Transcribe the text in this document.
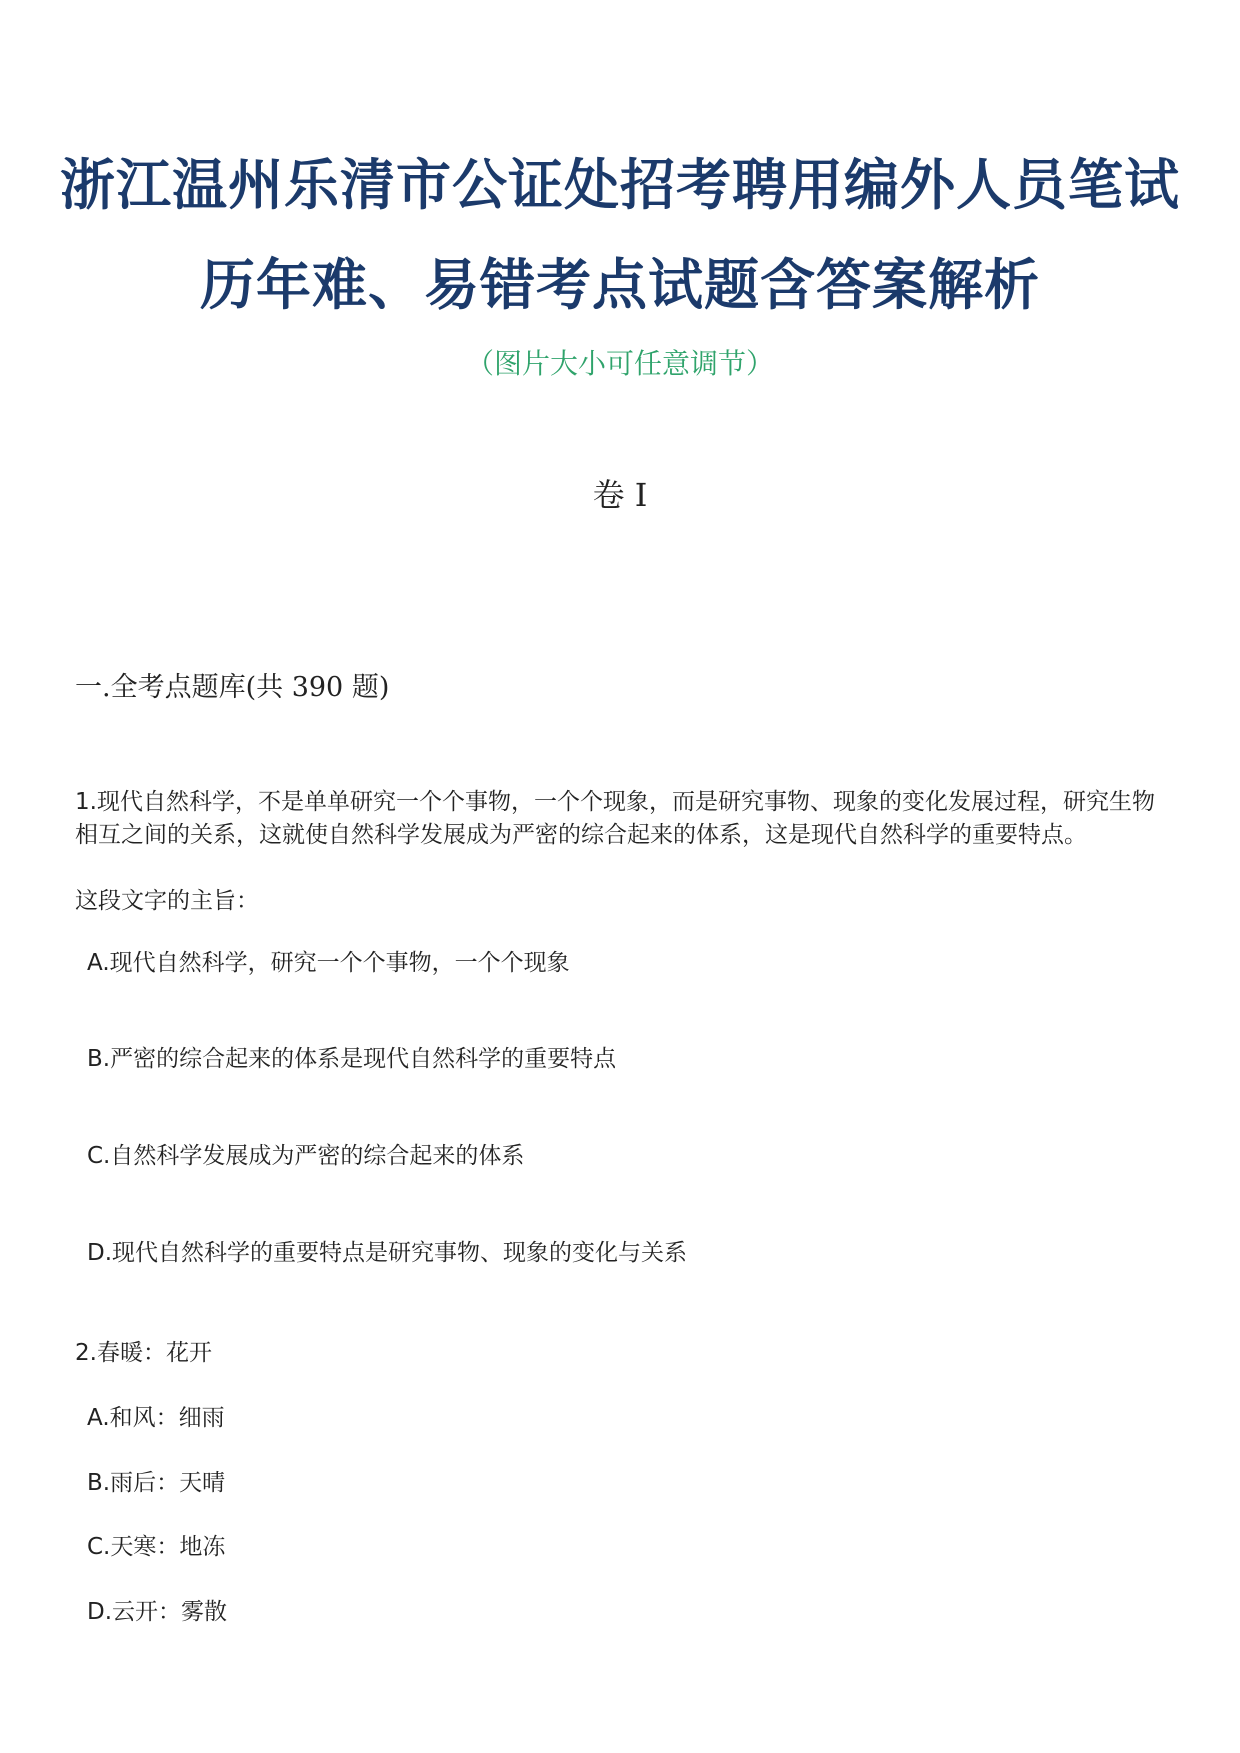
浙江温州乐清市公证处招考聘用编外人员笔试
历年难、易错考点试题含答案解析
（图片大小可任意调节）
卷 I
一.全考点题库(共 390 题)
1.现代自然科学，不是单单研究一个个事物，一个个现象，而是研究事物、现象的变化发展过程，研究生物相互之间的关系，这就使自然科学发展成为严密的综合起来的体系，这是现代自然科学的重要特点。
这段文字的主旨：
A.现代自然科学，研究一个个事物，一个个现象
B.严密的综合起来的体系是现代自然科学的重要特点
C.自然科学发展成为严密的综合起来的体系
D.现代自然科学的重要特点是研究事物、现象的变化与关系
2.春暖：花开
A.和风：细雨
B.雨后：天晴
C.天寒：地冻
D.云开：雾散
